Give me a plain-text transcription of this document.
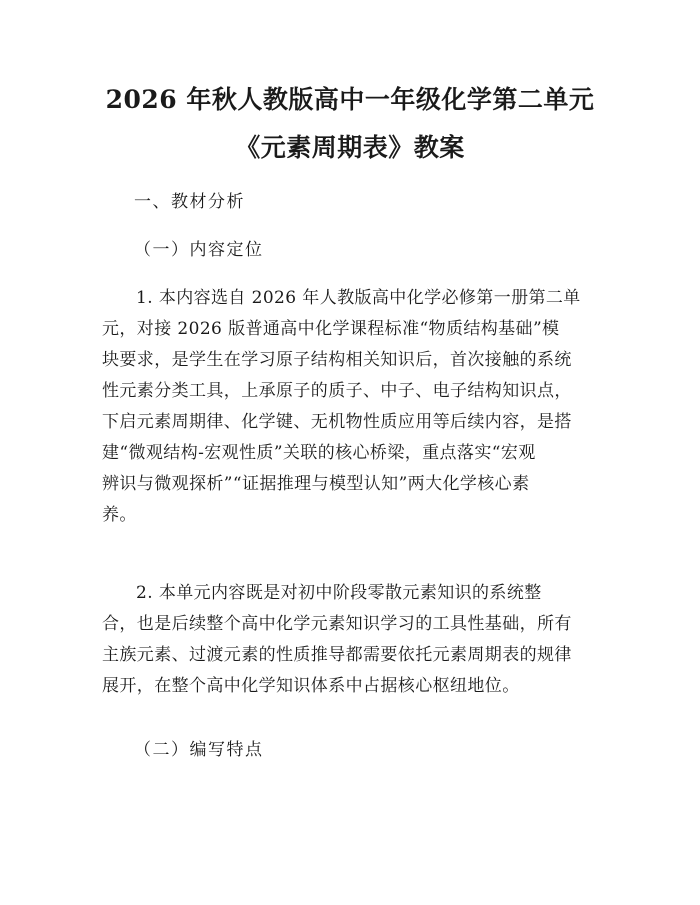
2026 年秋人教版高中一年级化学第二单元
《元素周期表》教案
一、教材分析
（一）内容定位
1. 本内容选自 2026 年人教版高中化学必修第一册第二单
元，对接 2026 版普通高中化学课程标准“物质结构基础”模
块要求，是学生在学习原子结构相关知识后，首次接触的系统
性元素分类工具，上承原子的质子、中子、电子结构知识点，
下启元素周期律、化学键、无机物性质应用等后续内容，是搭
建“微观结构-宏观性质”关联的核心桥梁，重点落实“宏观
辨识与微观探析”“证据推理与模型认知”两大化学核心素
养。
2. 本单元内容既是对初中阶段零散元素知识的系统整
合，也是后续整个高中化学元素知识学习的工具性基础，所有
主族元素、过渡元素的性质推导都需要依托元素周期表的规律
展开，在整个高中化学知识体系中占据核心枢纽地位。
（二）编写特点
